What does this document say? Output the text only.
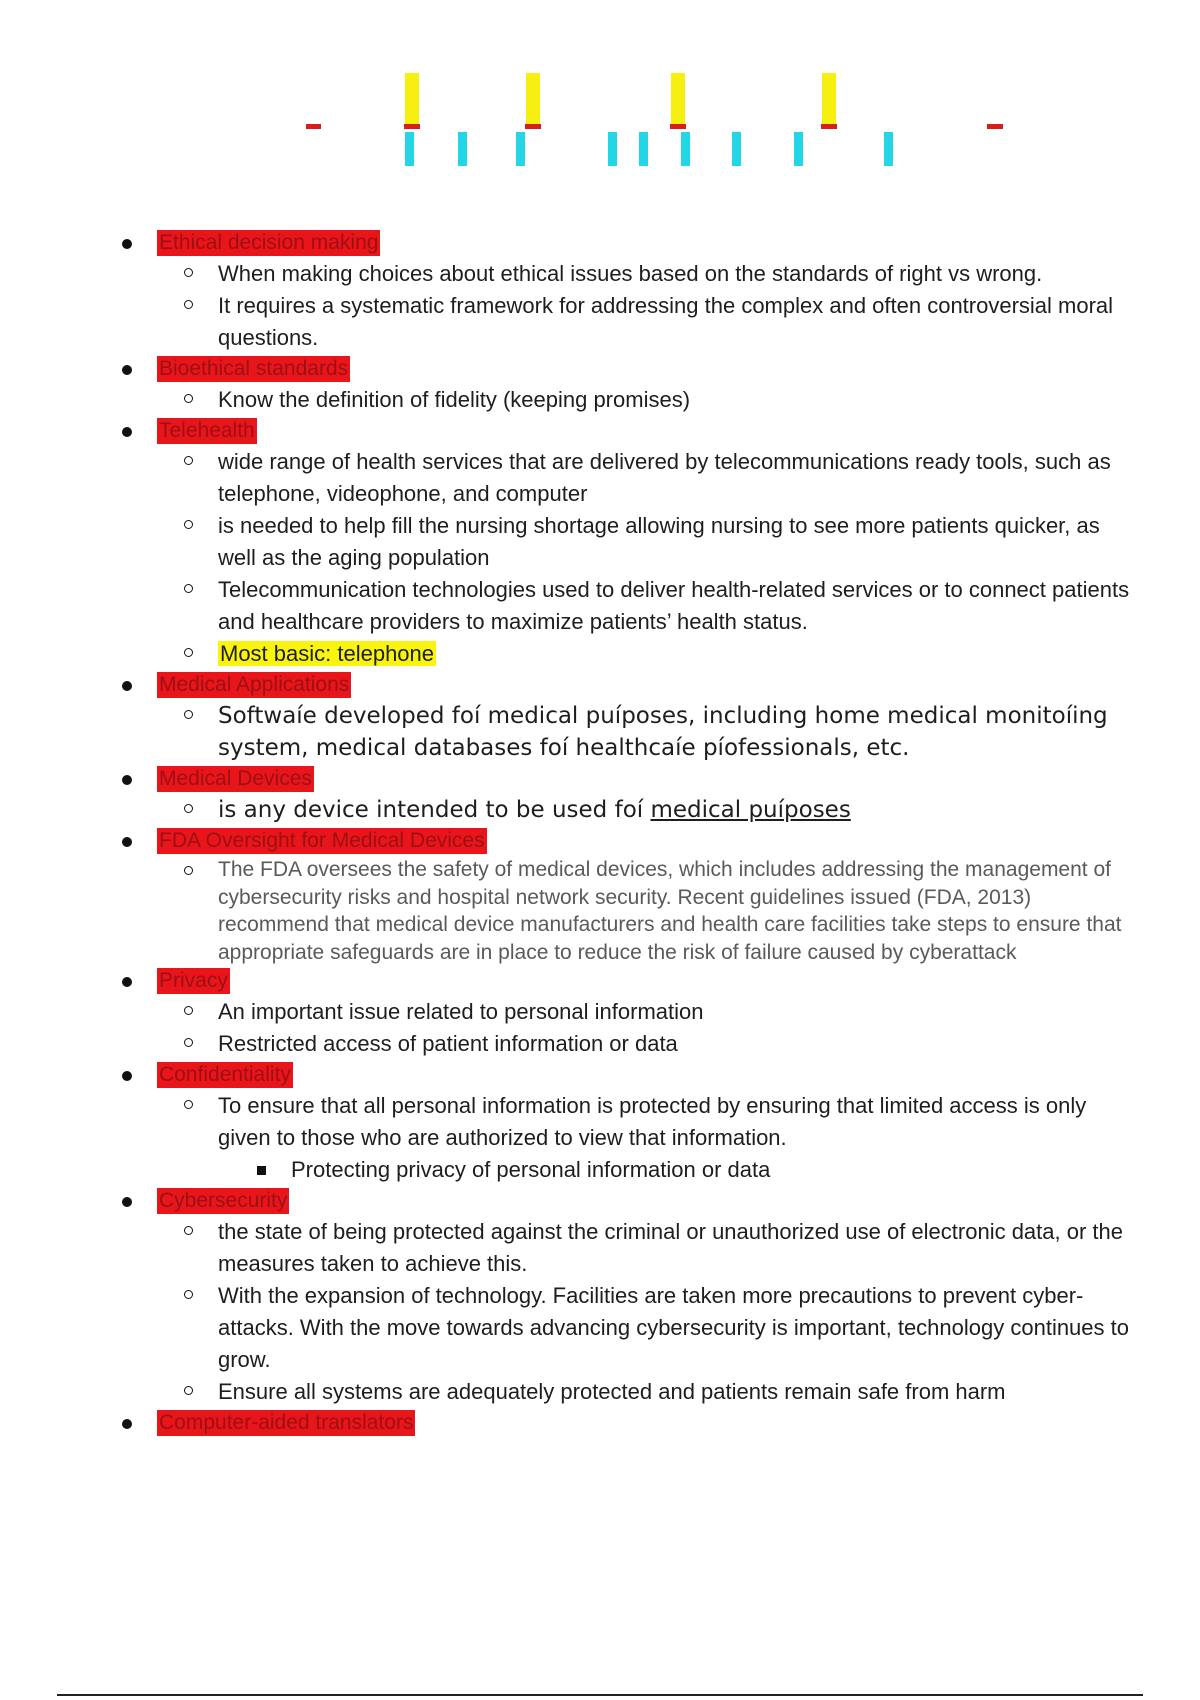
Ethical decision making
When making choices about ethical issues based on the standards of right vs wrong.
It requires a systematic framework for addressing the complex and often controversial moral questions.
Bioethical standards
Know the definition of fidelity (keeping promises)
Telehealth
wide range of health services that are delivered by telecommunications ready tools, such as telephone, videophone, and computer
is needed to help fill the nursing shortage allowing nursing to see more patients quicker, as well as the aging population
Telecommunication technologies used to deliver health-related services or to connect patients and healthcare providers to maximize patients’ health status.
Most basic: telephone
Medical Applications
Softwaíe developed foí medical puíposes, including home medical monitoíing system, medical databases foí healthcaíe píofessionals, etc.
Medical Devices
is any device intended to be used foí medical puíposes
FDA Oversight for Medical Devices
The FDA oversees the safety of medical devices, which includes addressing the management of cybersecurity risks and hospital network security. Recent guidelines issued (FDA, 2013) recommend that medical device manufacturers and health care facilities take steps to ensure that appropriate safeguards are in place to reduce the risk of failure caused by cyberattack
Privacy
An important issue related to personal information
Restricted access of patient information or data
Confidentiality
To ensure that all personal information is protected by ensuring that limited access is only given to those who are authorized to view that information.
Protecting privacy of personal information or data
Cybersecurity
the state of being protected against the criminal or unauthorized use of electronic data, or the measures taken to achieve this.
With the expansion of technology. Facilities are taken more precautions to prevent cyber-attacks. With the move towards advancing cybersecurity is important, technology continues to grow.
Ensure all systems are adequately protected and patients remain safe from harm
Computer-aided translators
